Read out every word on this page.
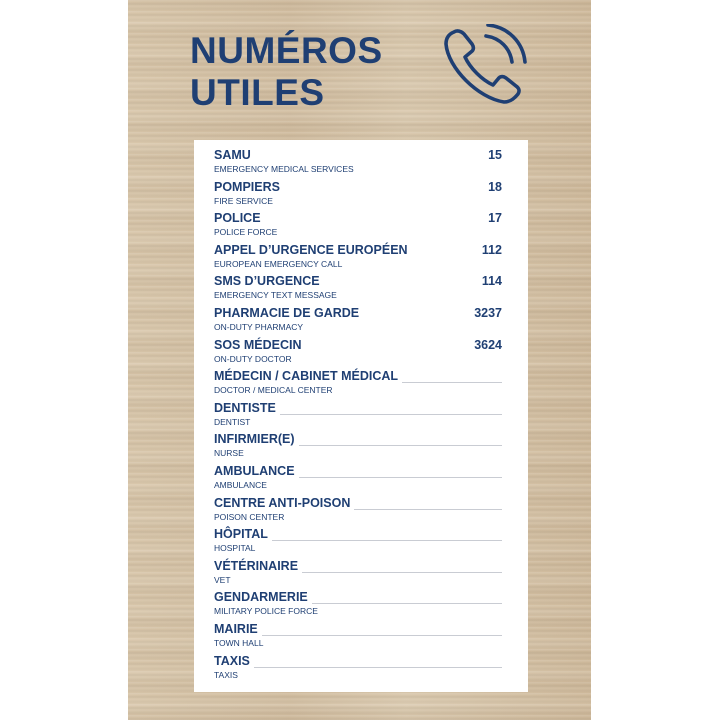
NUMÉROS
UTILES
SAMU
EMERGENCY MEDICAL SERVICES
15
POMPIERS
FIRE SERVICE
18
POLICE
POLICE FORCE
17
APPEL D’URGENCE EUROPÉEN
EUROPEAN EMERGENCY CALL
112
SMS D’URGENCE
EMERGENCY TEXT MESSAGE
114
PHARMACIE DE GARDE
ON-DUTY PHARMACY
3237
SOS MÉDECIN
ON-DUTY DOCTOR
3624
MÉDECIN / CABINET MÉDICAL
DOCTOR / MEDICAL CENTER
DENTISTE
DENTIST
INFIRMIER(E)
NURSE
AMBULANCE
AMBULANCE
CENTRE ANTI-POISON
POISON CENTER
HÔPITAL
HOSPITAL
VÉTÉRINAIRE
VET
GENDARMERIE
MILITARY POLICE FORCE
MAIRIE
TOWN HALL
TAXIS
TAXIS
